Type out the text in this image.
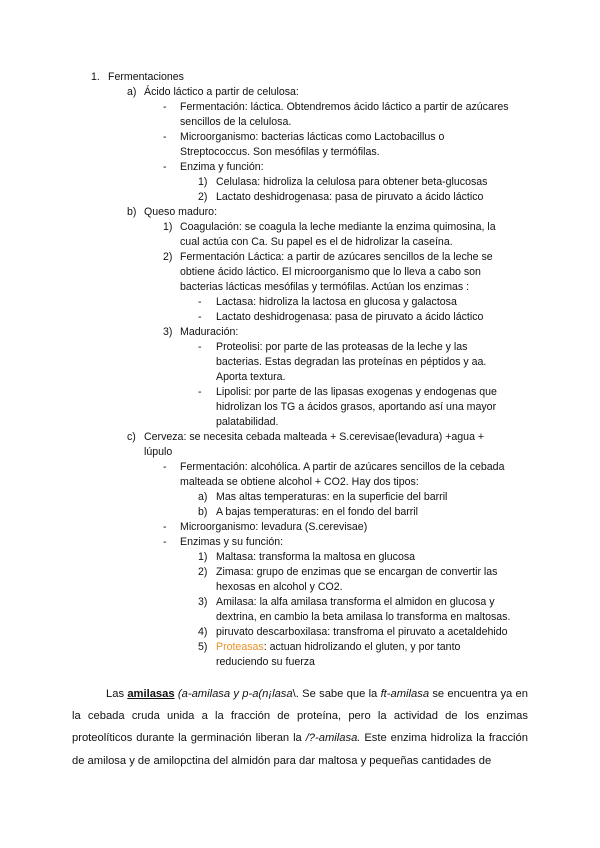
1. Fermentaciones
a) Ácido láctico a partir de celulosa:
- Fermentación: láctica. Obtendremos ácido láctico a partir de azúcares
sencillos de la celulosa.
- Microorganismo: bacterias lácticas como Lactobacillus o
Streptococcus. Son mesófilas y termófilas.
- Enzima y función:
1) Celulasa: hidroliza la celulosa para obtener beta-glucosas
2) Lactato deshidrogenasa: pasa de piruvato a ácido láctico
b) Queso maduro:
1) Coagulación: se coagula la leche mediante la enzima quimosina, la
cual actúa con Ca. Su papel es el de hidrolizar la caseína.
2) Fermentación Láctica: a partir de azúcares sencillos de la leche se
obtiene ácido láctico. El microorganismo que lo lleva a cabo son
bacterias lácticas mesófilas y termófilas. Actúan los enzimas :
- Lactasa: hidroliza la lactosa en glucosa y galactosa
- Lactato deshidrogenasa: pasa de piruvato a ácido láctico
3) Maduración:
- Proteolisi: por parte de las proteasas de la leche y las
bacterias. Estas degradan las proteínas en péptidos y aa.
Aporta textura.
- Lipolisi: por parte de las lipasas exogenas y endogenas que
hidrolizan los TG a ácidos grasos, aportando así una mayor
palatabilidad.
c) Cerveza: se necesita cebada malteada + S.cerevisae(levadura) +agua +
lúpulo
- Fermentación: alcohólica. A partir de azúcares sencillos de la cebada
malteada se obtiene alcohol + CO2. Hay dos tipos:
a) Mas altas temperaturas: en la superficie del barril
b) A bajas temperaturas: en el fondo del barril
- Microorganismo: levadura (S.cerevisae)
- Enzimas y su función:
1) Maltasa: transforma la maltosa en glucosa
2) Zimasa: grupo de enzimas que se encargan de convertir las
hexosas en alcohol y CO2.
3) Amilasa: la alfa amilasa transforma el almidon en glucosa y
dextrina, en cambio la beta amilasa lo transforma en maltosas.
4) piruvato descarboxilasa: transfroma el piruvato a acetaldehido
5) Proteasas: actuan hidrolizando el gluten, y por tanto
reduciendo su fuerza

Las amilasas (a-amilasa y p-a(n¡lasa\. Se sabe que la ft-amilasa se encuentra ya en la cebada cruda unida a la fracción de proteína, pero la actividad de los enzimas proteolíticos durante la germinación liberan la /?-amilasa. Este enzima hidroliza la fracción de amilosa y de amilopctina del almidón para dar maltosa y pequeñas cantidades de
